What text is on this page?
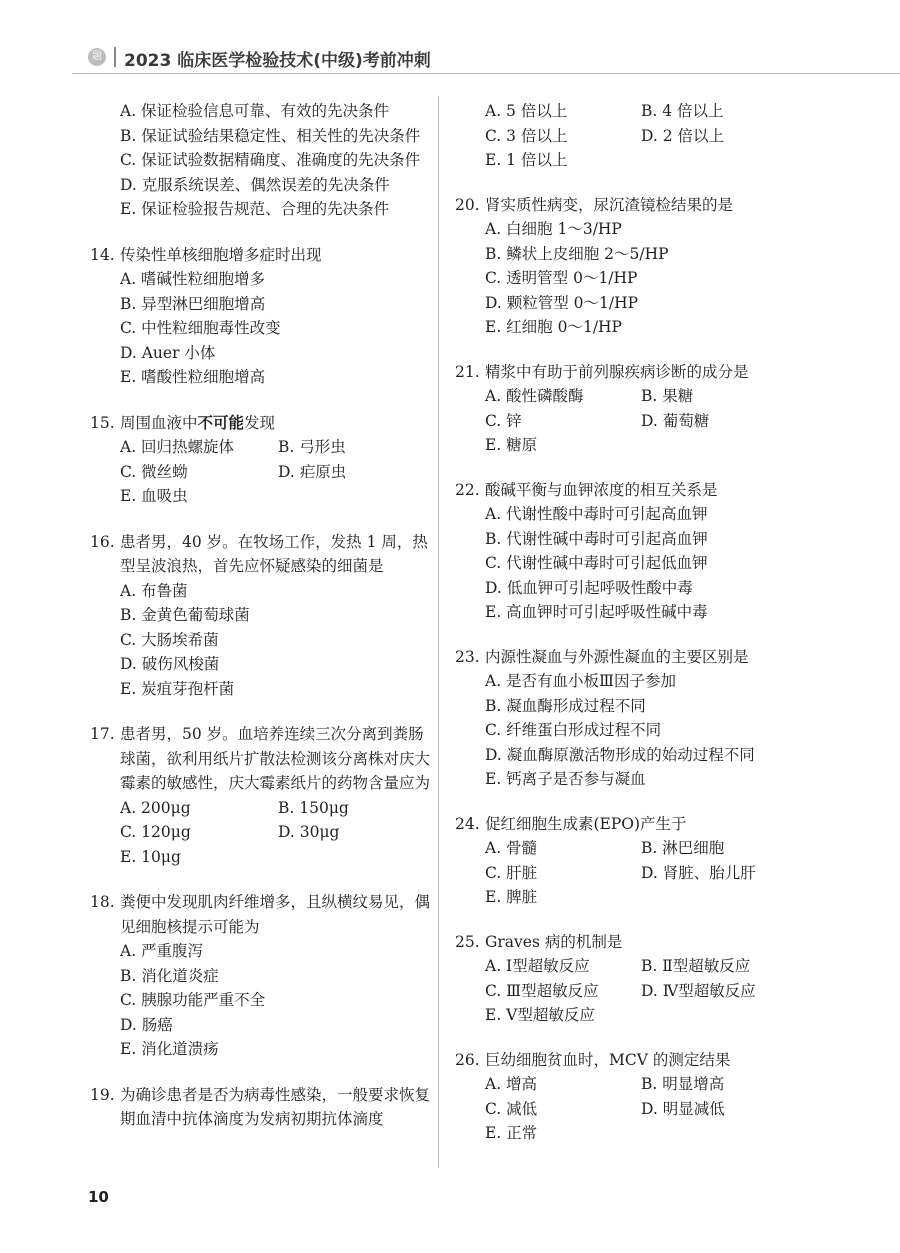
题 2023 临床医学检验技术(中级)考前冲刺
A. 保证检验信息可靠、有效的先决条件
B. 保证试验结果稳定性、相关性的先决条件
C. 保证试验数据精确度、准确度的先决条件
D. 克服系统误差、偶然误差的先决条件
E. 保证检验报告规范、合理的先决条件
14. 传染性单核细胞增多症时出现
A. 嗜碱性粒细胞增多
B. 异型淋巴细胞增高
C. 中性粒细胞毒性改变
D. Auer 小体
E. 嗜酸性粒细胞增高
15. 周围血液中不可能发现
A. 回归热螺旋体	B. 弓形虫
C. 微丝蚴	D. 疟原虫
E. 血吸虫
16. 患者男，40 岁。在牧场工作，发热 1 周，热型呈波浪热，首先应怀疑感染的细菌是
A. 布鲁菌
B. 金黄色葡萄球菌
C. 大肠埃希菌
D. 破伤风梭菌
E. 炭疽芽孢杆菌
17. 患者男，50 岁。血培养连续三次分离到粪肠球菌，欲利用纸片扩散法检测该分离株对庆大霉素的敏感性，庆大霉素纸片的药物含量应为
A. 200μg	B. 150μg
C. 120μg	D. 30μg
E. 10μg
18. 粪便中发现肌肉纤维增多，且纵横纹易见，偶见细胞核提示可能为
A. 严重腹泻
B. 消化道炎症
C. 胰腺功能严重不全
D. 肠癌
E. 消化道溃疡
19. 为确诊患者是否为病毒性感染，一般要求恢复期血清中抗体滴度为发病初期抗体滴度
A. 5 倍以上	B. 4 倍以上
C. 3 倍以上	D. 2 倍以上
E. 1 倍以上
20. 肾实质性病变，尿沉渣镜检结果的是
A. 白细胞 1～3/HP
B. 鳞状上皮细胞 2～5/HP
C. 透明管型 0～1/HP
D. 颗粒管型 0～1/HP
E. 红细胞 0～1/HP
21. 精浆中有助于前列腺疾病诊断的成分是
A. 酸性磷酸酶	B. 果糖
C. 锌	D. 葡萄糖
E. 糖原
22. 酸碱平衡与血钾浓度的相互关系是
A. 代谢性酸中毒时可引起高血钾
B. 代谢性碱中毒时可引起高血钾
C. 代谢性碱中毒时可引起低血钾
D. 低血钾可引起呼吸性酸中毒
E. 高血钾时可引起呼吸性碱中毒
23. 内源性凝血与外源性凝血的主要区别是
A. 是否有血小板Ⅲ因子参加
B. 凝血酶形成过程不同
C. 纤维蛋白形成过程不同
D. 凝血酶原激活物形成的始动过程不同
E. 钙离子是否参与凝血
24. 促红细胞生成素(EPO)产生于
A. 骨髓	B. 淋巴细胞
C. 肝脏	D. 肾脏、胎儿肝
E. 脾脏
25. Graves 病的机制是
A. Ⅰ型超敏反应	B. Ⅱ型超敏反应
C. Ⅲ型超敏反应	D. Ⅳ型超敏反应
E. Ⅴ型超敏反应
26. 巨幼细胞贫血时，MCV 的测定结果
A. 增高	B. 明显增高
C. 减低	D. 明显减低
E. 正常
10
